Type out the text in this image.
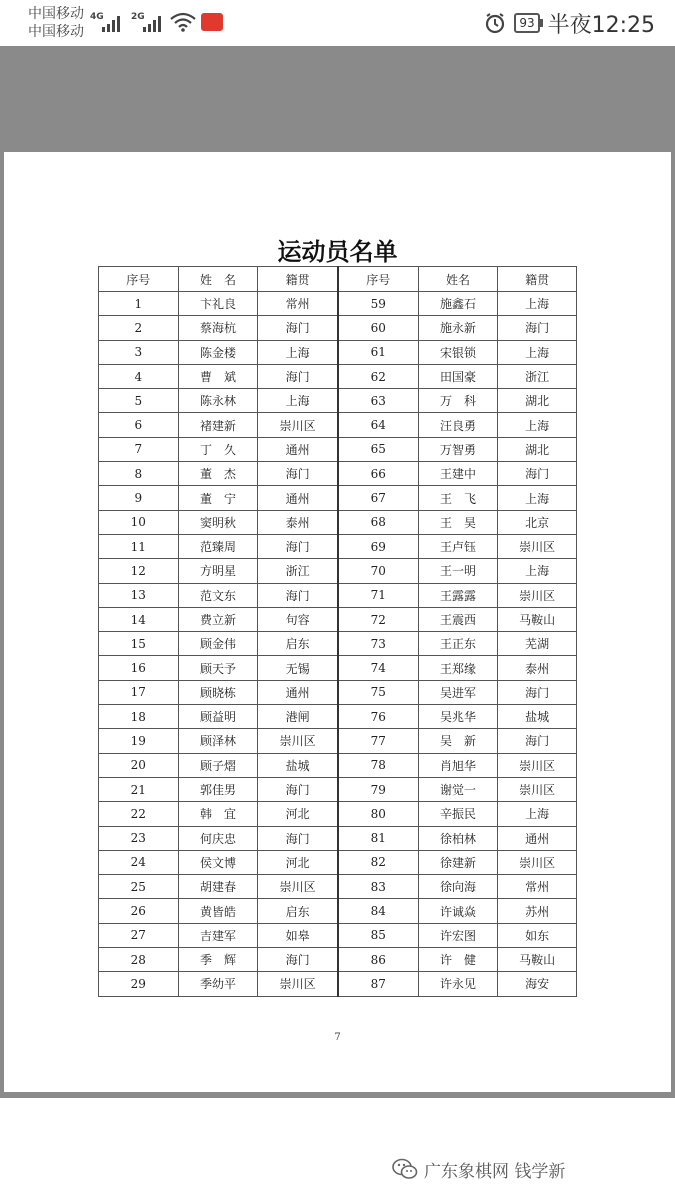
中国移动
中国移动
4G	2G	93 半夜12:25
运动员名单
序号	姓　名	籍贯	序号	姓名	籍贯
1	卞礼良	常州	59	施鑫石	上海
2	蔡海杭	海门	60	施永新	海门
3	陈金楼	上海	61	宋银锁	上海
4	曹　斌	海门	62	田国豪	浙江
5	陈永林	上海	63	万　科	湖北
6	褚建新	崇川区	64	汪良勇	上海
7	丁　久	通州	65	万智勇	湖北
8	董　杰	海门	66	王建中	海门
9	董　宁	通州	67	王　飞	上海
10	窦明秋	泰州	68	王　昊	北京
11	范臻周	海门	69	王卢钰	崇川区
12	方明星	浙江	70	王一明	上海
13	范文东	海门	71	王露露	崇川区
14	费立新	句容	72	王震西	马鞍山
15	顾金伟	启东	73	王正东	芜湖
16	顾天予	无锡	74	王郑缘	泰州
17	顾晓栋	通州	75	吴进军	海门
18	顾益明	港闸	76	吴兆华	盐城
19	顾泽林	崇川区	77	吴　新	海门
20	顾子熠	盐城	78	肖旭华	崇川区
21	郭佳男	海门	79	谢觉一	崇川区
22	韩　宜	河北	80	辛振民	上海
23	何庆忠	海门	81	徐柏林	通州
24	侯文博	河北	82	徐建新	崇川区
25	胡建春	崇川区	83	徐向海	常州
26	黄皆皓	启东	84	许诚焱	苏州
27	吉建军	如皋	85	许宏图	如东
28	季　辉	海门	86	许　健	马鞍山
29	季幼平	崇川区	87	许永见	海安
7
广东象棋网 钱学新
